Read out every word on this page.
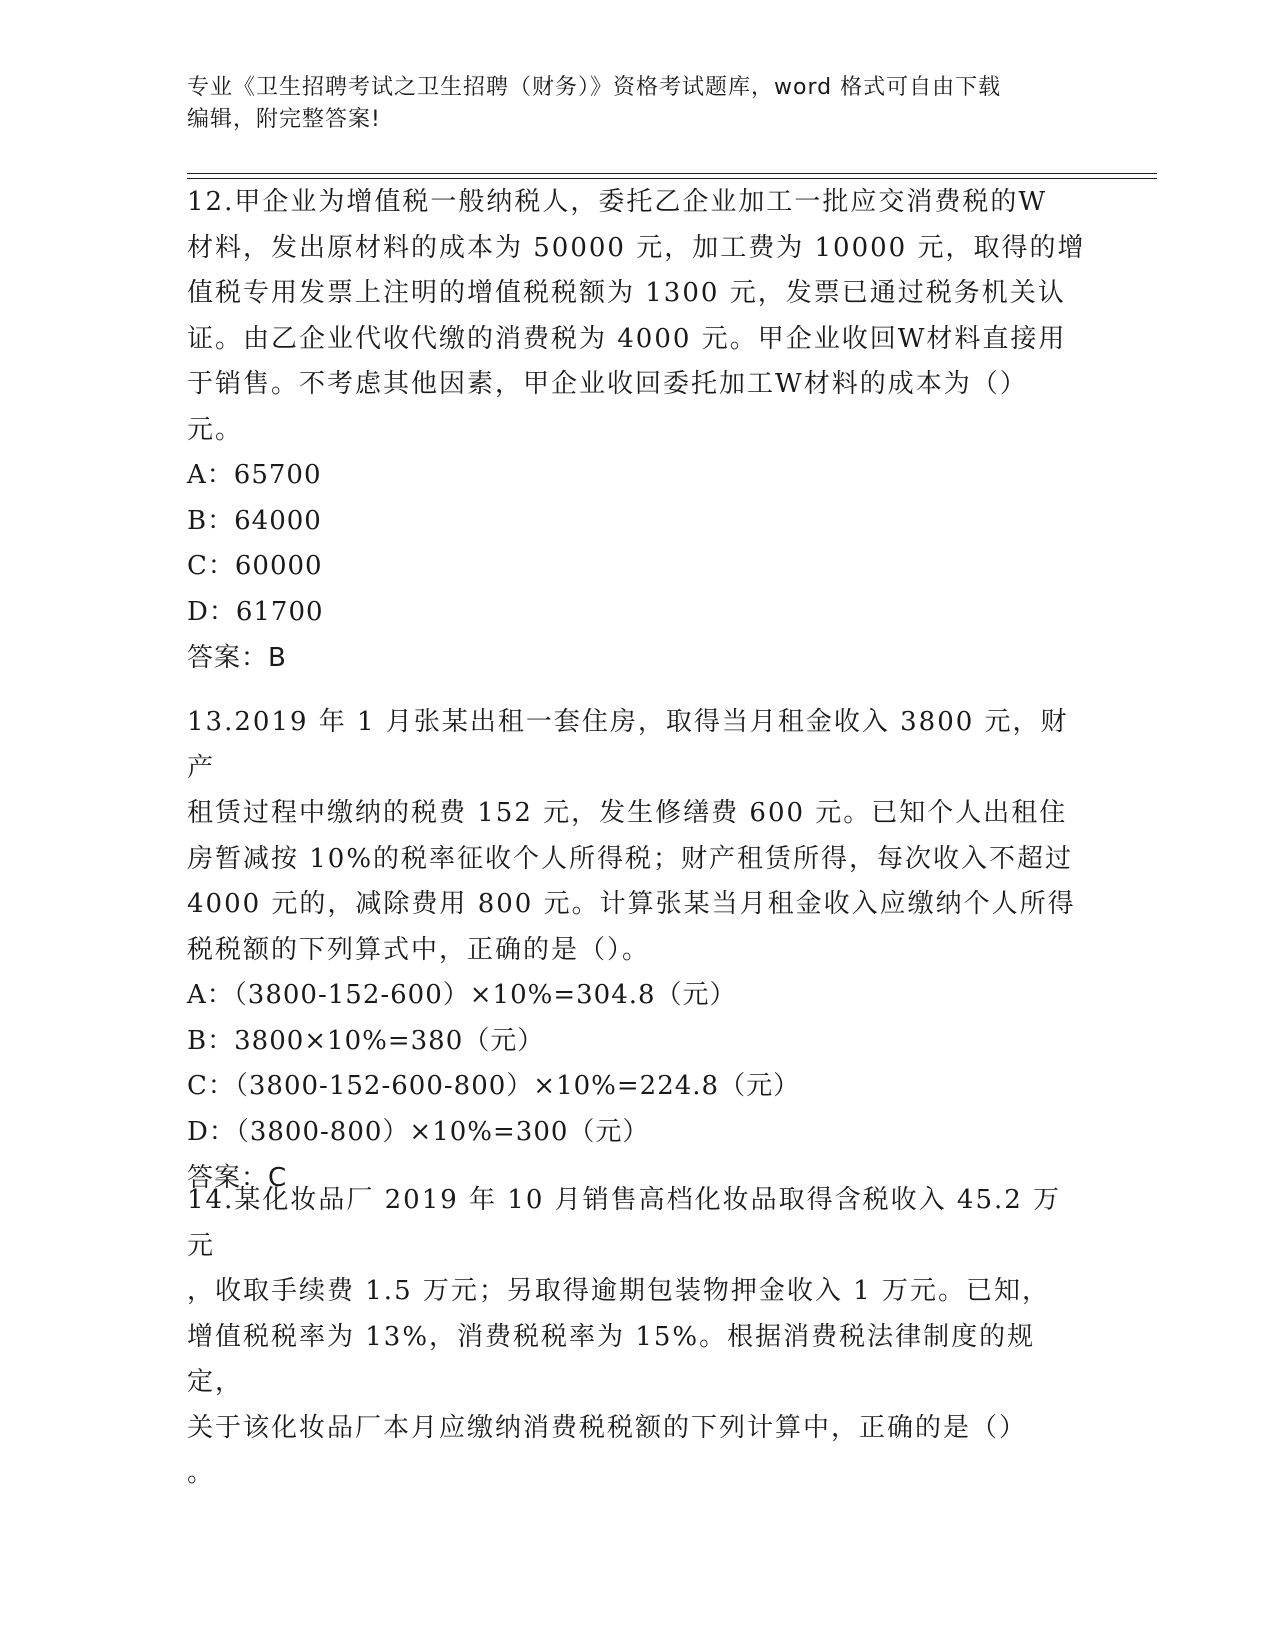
专业《卫生招聘考试之卫生招聘（财务）》资格考试题库，word 格式可自由下载
编辑，附完整答案!
12.甲企业为增值税一般纳税人，委托乙企业加工一批应交消费税的W
材料，发出原材料的成本为 50000 元，加工费为 10000 元，取得的增
值税专用发票上注明的增值税税额为 1300 元，发票已通过税务机关认
证。由乙企业代收代缴的消费税为 4000 元。甲企业收回W材料直接用
于销售。不考虑其他因素，甲企业收回委托加工W材料的成本为（）
元。
A：65700
B：64000
C：60000
D：61700
答案：B
13.2019 年 1 月张某出租一套住房，取得当月租金收入 3800 元，财产
租赁过程中缴纳的税费 152 元，发生修缮费 600 元。已知个人出租住
房暂减按 10%的税率征收个人所得税；财产租赁所得，每次收入不超过
4000 元的，减除费用 800 元。计算张某当月租金收入应缴纳个人所得
税税额的下列算式中，正确的是（）。
A：（3800-152-600）×10%=304.8（元）
B：3800×10%=380（元）
C：（3800-152-600-800）×10%=224.8（元）
D：（3800-800）×10%=300（元）
答案：C
14.某化妆品厂 2019 年 10 月销售高档化妆品取得含税收入 45.2 万元
，收取手续费 1.5 万元；另取得逾期包装物押金收入 1 万元。已知，
增值税税率为 13%，消费税税率为 15%。根据消费税法律制度的规定，
关于该化妆品厂本月应缴纳消费税税额的下列计算中，正确的是（）
。
